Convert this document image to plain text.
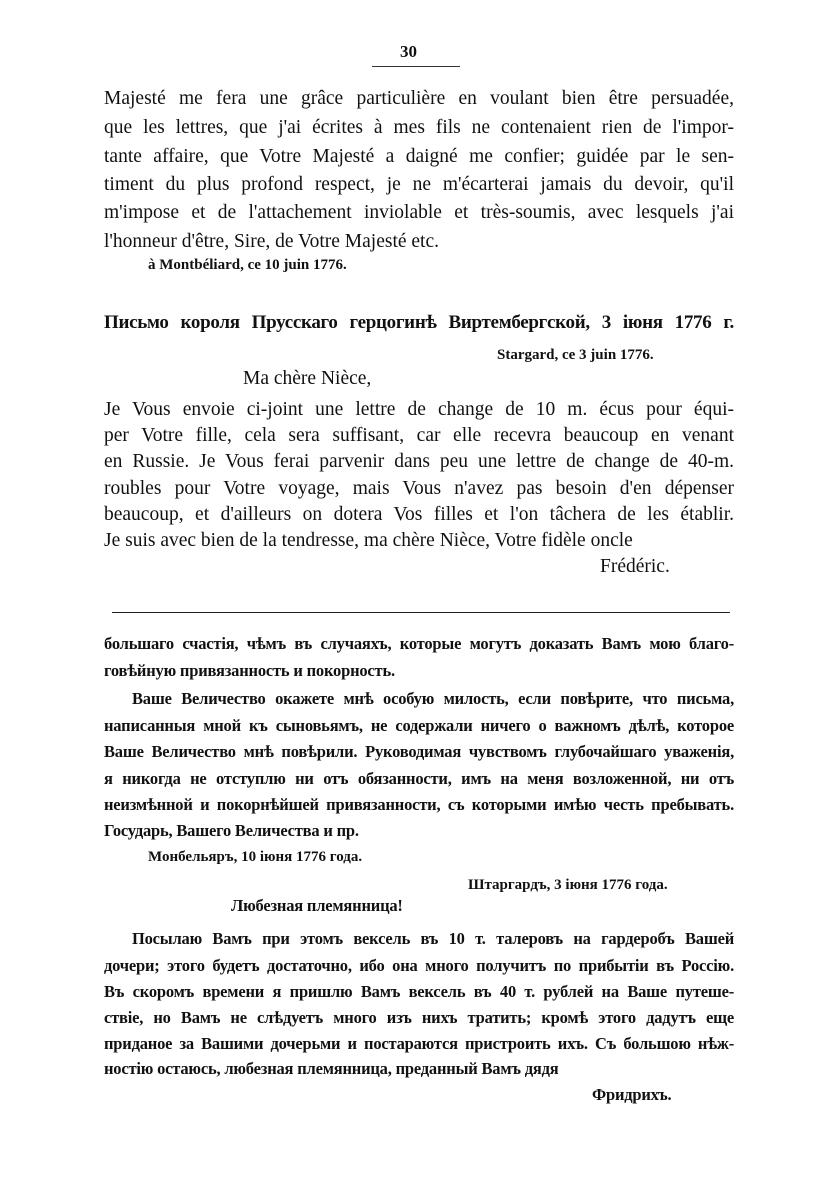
30
Majesté me fera une grâce particulière en voulant bien être persuadée,
que les lettres, que j'ai écrites à mes fils ne contenaient rien de l'impor-
tante affaire, que Votre Majesté a daigné me confier; guidée par le sen-
timent du plus profond respect, je ne m'écarterai jamais du devoir, qu'il
m'impose et de l'attachement inviolable et très-soumis, avec lesquels j'ai
l'honneur d'être, Sire, de Votre Majesté etc.
à Montbéliard, ce 10 juin 1776.
Письмо короля Прусскаго герцогинѣ Виртембергской, 3 iюня 1776 г.
Stargard, ce 3 juin 1776.
Ma chère Nièce,
Je Vous envoie ci-joint une lettre de change de 10 m. écus pour équi-
per Votre fille, cela sera suffisant, car elle recevra beaucoup en venant
en Russie. Je Vous ferai parvenir dans peu une lettre de change de 40-m.
roubles pour Votre voyage, mais Vous n'avez pas besoin d'en dépenser
beaucoup, et d'ailleurs on dotera Vos filles et l'on tâchera de les établir.
Je suis avec bien de la tendresse, ma chère Nièce, Votre fidèle oncle
Frédéric.
большаго счастiя, чѣмъ въ случаяхъ, которые могутъ доказать Вамъ мою благо-
говѣйную привязанность и покорность.
Ваше Величество окажете мнѣ особую милость, если повѣрите, что письма,
написанныя мной къ сыновьямъ, не содержали ничего о важномъ дѣлѣ, которое
Ваше Величество мнѣ повѣрили. Руководимая чувствомъ глубочайшаго уваженiя,
я никогда не отступлю ни отъ обязанности, имъ на меня возложенной, ни отъ
неизмѣнной и покорнѣйшей привязанности, съ которыми имѣю честь пребывать.
Государь, Вашего Величества и пр.
Монбельяръ, 10 iюня 1776 года.
Штаргардъ, 3 iюня 1776 года.
Любезная племянница!
Посылаю Вамъ при этомъ вексель въ 10 т. талеровъ на гардеробъ Вашей
дочери; этого будетъ достаточно, ибо она много получитъ по прибытiи въ Россiю.
Въ скоромъ времени я пришлю Вамъ вексель въ 40 т. рублей на Ваше путеше-
ствiе, но Вамъ не слѣдуетъ много изъ нихъ тратить; кромѣ этого дадутъ еще
приданое за Вашими дочерьми и постараются пристроить ихъ. Съ большою нѣж-
ностiю остаюсь, любезная племянница, преданный Вамъ дядя
Фридрихъ.
